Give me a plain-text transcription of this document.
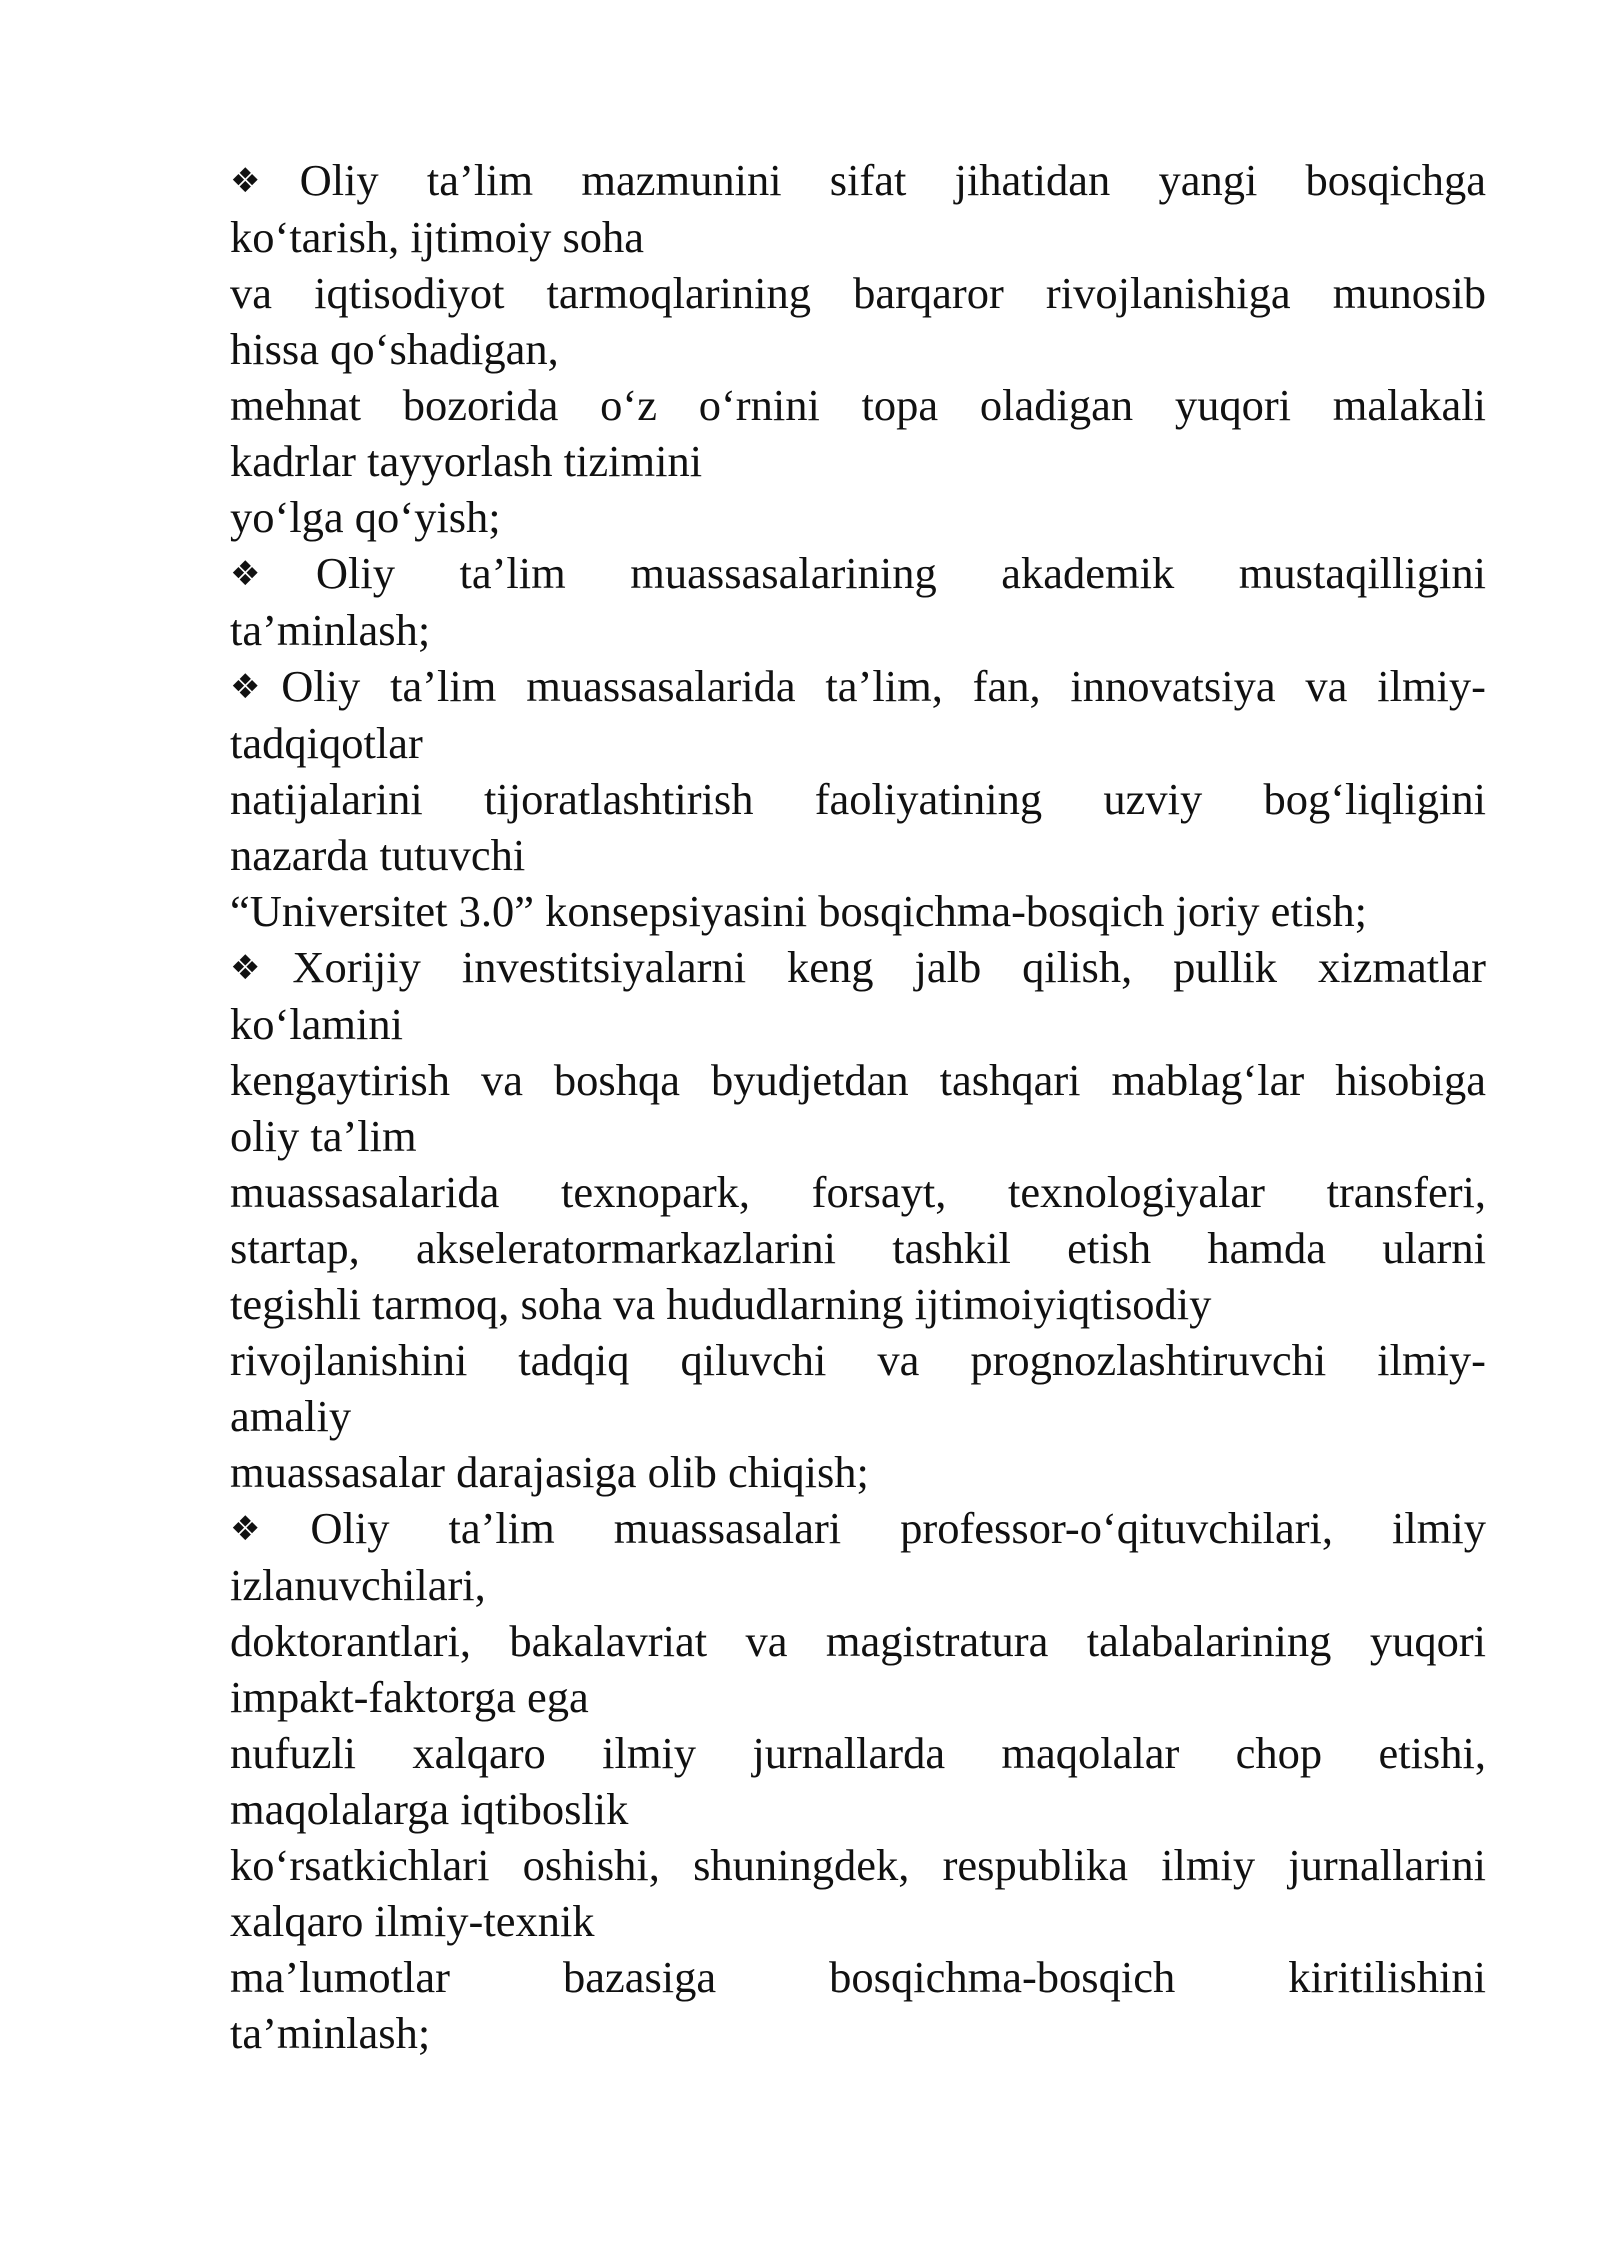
❖Oliy ta’lim mazmunini sifat jihatidan yangi bosqichga
ko‘tarish, ijtimoiy soha
va iqtisodiyot tarmoqlarining barqaror rivojlanishiga munosib
hissa qo‘shadigan,
mehnat bozorida o‘z o‘rnini topa oladigan yuqori malakali
kadrlar tayyorlash tizimini
yo‘lga qo‘yish;
❖Oliy ta’lim muassasalarining akademik mustaqilligini
ta’minlash;
❖Oliy ta’lim muassasalarida ta’lim, fan, innovatsiya va ilmiy-
tadqiqotlar
natijalarini tijoratlashtirish faoliyatining uzviy bog‘liqligini
nazarda tutuvchi
“Universitet 3.0” konsepsiyasini bosqichma-bosqich joriy etish;
❖Xorijiy investitsiyalarni keng jalb qilish, pullik xizmatlar
ko‘lamini
kengaytirish va boshqa byudjetdan tashqari mablag‘lar hisobiga
oliy ta’lim
muassasalarida texnopark, forsayt, texnologiyalar transferi,
startap, akseleratormarkazlarini tashkil etish hamda ularni
tegishli tarmoq, soha va hududlarning ijtimoiyiqtisodiy
rivojlanishini tadqiq qiluvchi va prognozlashtiruvchi ilmiy-
amaliy
muassasalar darajasiga olib chiqish;
❖Oliy ta’lim muassasalari professor-o‘qituvchilari, ilmiy
izlanuvchilari,
doktorantlari, bakalavriat va magistratura talabalarining yuqori
impakt-faktorga ega
nufuzli xalqaro ilmiy jurnallarda maqolalar chop etishi,
maqolalarga iqtiboslik
ko‘rsatkichlari oshishi, shuningdek, respublika ilmiy jurnallarini
xalqaro ilmiy-texnik
ma’lumotlar bazasiga bosqichma-bosqich kiritilishini
ta’minlash;
